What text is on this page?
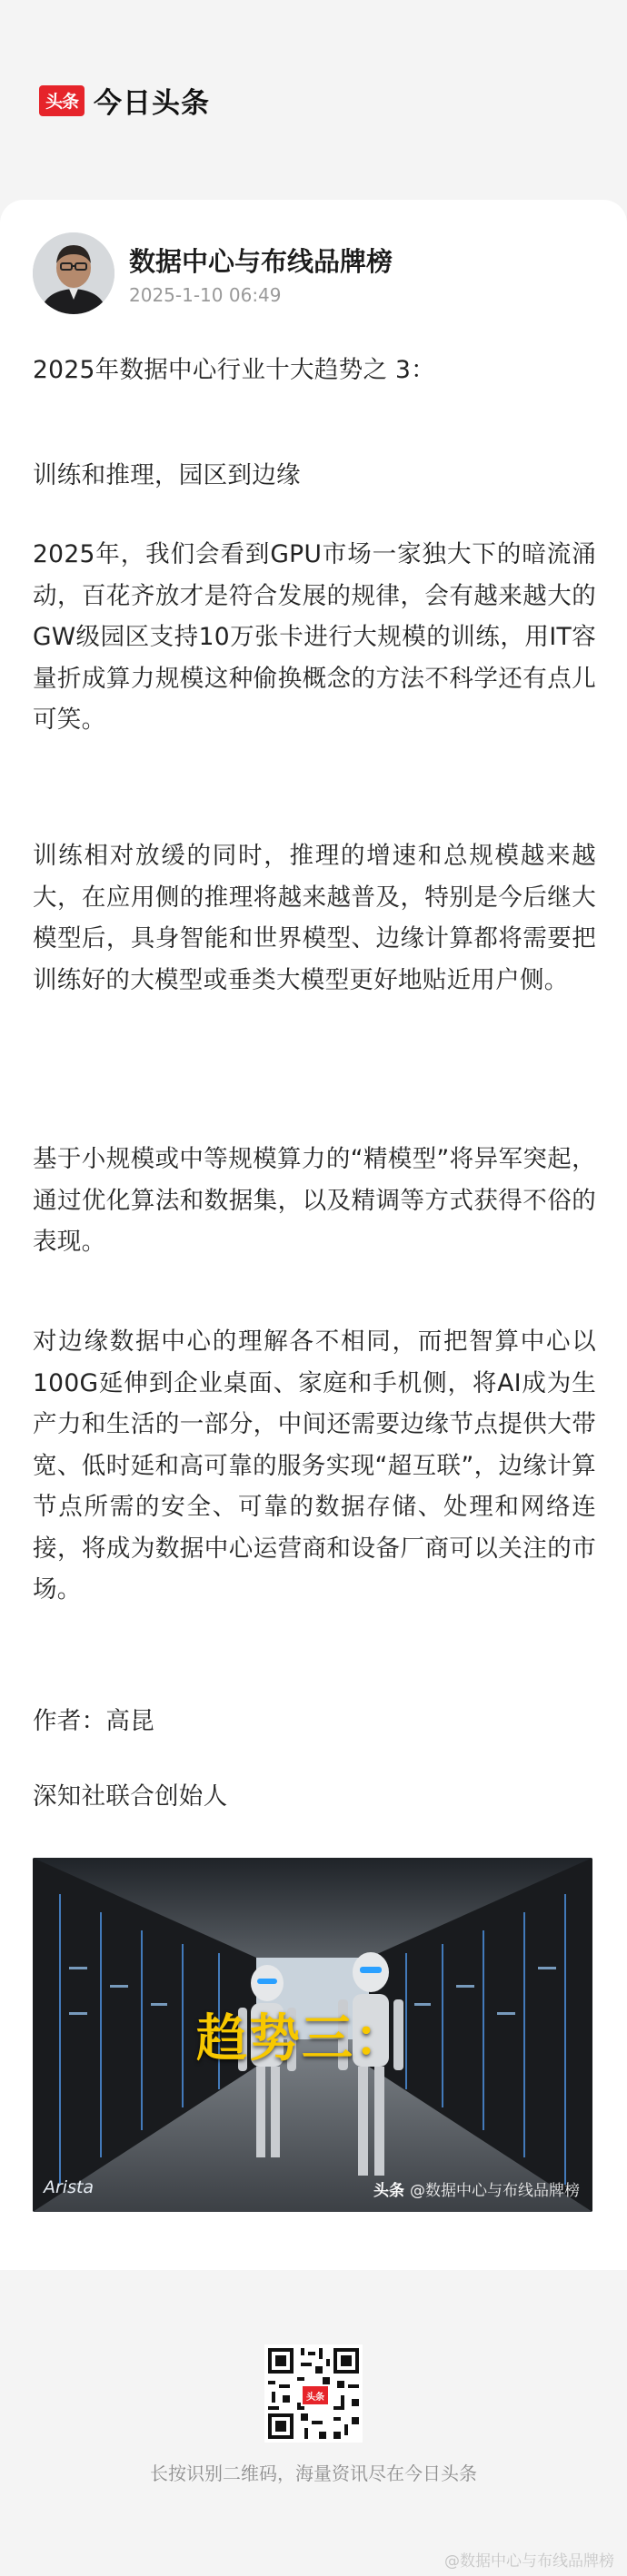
头条 今日头条
数据中心与布线品牌榜
2025-1-10 06:49

2025年数据中心行业十大趋势之 3：

训练和推理，园区到边缘

2025年，我们会看到GPU市场一家独大下的暗流涌动，百花齐放才是符合发展的规律，会有越来越大的GW级园区支持10万张卡进行大规模的训练，用IT容量折成算力规模这种偷换概念的方法不科学还有点儿可笑。

训练相对放缓的同时，推理的增速和总规模越来越大，在应用侧的推理将越来越普及，特别是今后继大模型后，具身智能和世界模型、边缘计算都将需要把训练好的大模型或垂类大模型更好地贴近用户侧。

基于小规模或中等规模算力的“精模型”将异军突起，通过优化算法和数据集，以及精调等方式获得不俗的表现。

对边缘数据中心的理解各不相同，而把智算中心以100G延伸到企业桌面、家庭和手机侧，将AI成为生产力和生活的一部分，中间还需要边缘节点提供大带宽、低时延和高可靠的服务实现“超互联”，边缘计算节点所需的安全、可靠的数据存储、处理和网络连接，将成为数据中心运营商和设备厂商可以关注的市场。

作者：高昆

深知社联合创始人

趋势三：
Arista	头条 @数据中心与布线品牌榜
头条
长按识别二维码，海量资讯尽在今日头条
@数据中心与布线品牌榜
